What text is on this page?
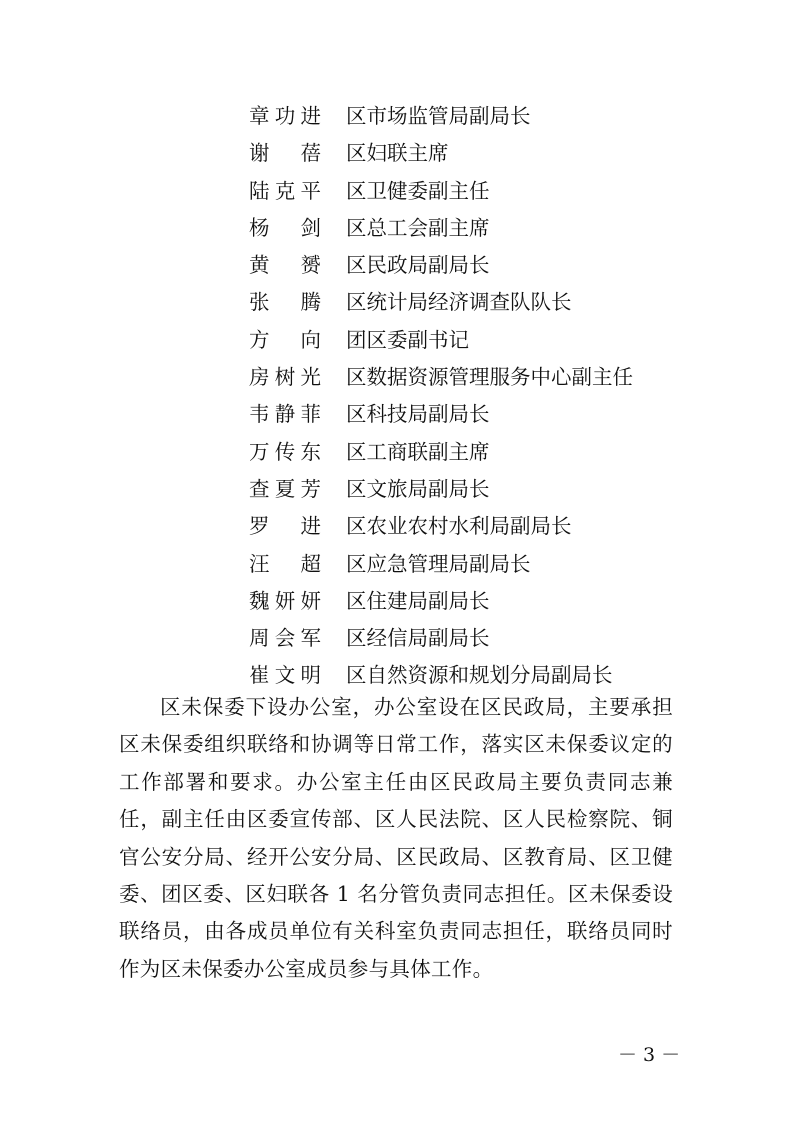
章功进 区市场监管局副局长
谢 蓓 区妇联主席
陆克平 区卫健委副主任
杨 剑 区总工会副主席
黄 赟 区民政局副局长
张 腾 区统计局经济调查队队长
方 向 团区委副书记
房树光 区数据资源管理服务中心副主任
韦静菲 区科技局副局长
万传东 区工商联副主席
查夏芳 区文旅局副局长
罗 进 区农业农村水利局副局长
汪 超 区应急管理局副局长
魏妍妍 区住建局副局长
周会军 区经信局副局长
崔文明 区自然资源和规划分局副局长

区未保委下设办公室，办公室设在区民政局，主要承担区未保委组织联络和协调等日常工作，落实区未保委议定的工作部署和要求。办公室主任由区民政局主要负责同志兼任，副主任由区委宣传部、区人民法院、区人民检察院、铜官公安分局、经开公安分局、区民政局、区教育局、区卫健委、团区委、区妇联各 1 名分管负责同志担任。区未保委设联络员，由各成员单位有关科室负责同志担任，联络员同时作为区未保委办公室成员参与具体工作。

－ 3 －
